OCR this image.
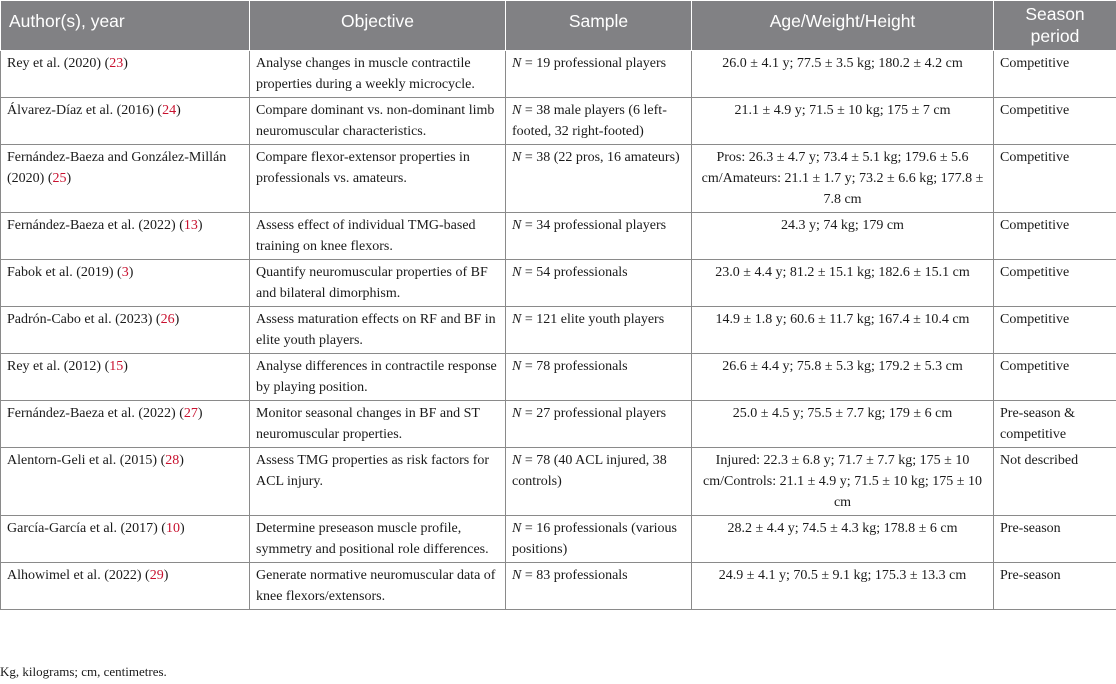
Author(s), year	Objective	Sample	Age/Weight/Height	Season period
Rey et al. (2020) (23)	Analyse changes in muscle contractile properties during a weekly microcycle.	N = 19 professional players	26.0 ± 4.1 y; 77.5 ± 3.5 kg; 180.2 ± 4.2 cm	Competitive
Álvarez-Díaz et al. (2016) (24)	Compare dominant vs. non-dominant limb neuromuscular characteristics.	N = 38 male players (6 left-footed, 32 right-footed)	21.1 ± 4.9 y; 71.5 ± 10 kg; 175 ± 7 cm	Competitive
Fernández-Baeza and González-Millán (2020) (25)	Compare flexor-extensor properties in professionals vs. amateurs.	N = 38 (22 pros, 16 amateurs)	Pros: 26.3 ± 4.7 y; 73.4 ± 5.1 kg; 179.6 ± 5.6 cm/Amateurs: 21.1 ± 1.7 y; 73.2 ± 6.6 kg; 177.8 ± 7.8 cm	Competitive
Fernández-Baeza et al. (2022) (13)	Assess effect of individual TMG-based training on knee flexors.	N = 34 professional players	24.3 y; 74 kg; 179 cm	Competitive
Fabok et al. (2019) (3)	Quantify neuromuscular properties of BF and bilateral dimorphism.	N = 54 professionals	23.0 ± 4.4 y; 81.2 ± 15.1 kg; 182.6 ± 15.1 cm	Competitive
Padrón-Cabo et al. (2023) (26)	Assess maturation effects on RF and BF in elite youth players.	N = 121 elite youth players	14.9 ± 1.8 y; 60.6 ± 11.7 kg; 167.4 ± 10.4 cm	Competitive
Rey et al. (2012) (15)	Analyse differences in contractile response by playing position.	N = 78 professionals	26.6 ± 4.4 y; 75.8 ± 5.3 kg; 179.2 ± 5.3 cm	Competitive
Fernández-Baeza et al. (2022) (27)	Monitor seasonal changes in BF and ST neuromuscular properties.	N = 27 professional players	25.0 ± 4.5 y; 75.5 ± 7.7 kg; 179 ± 6 cm	Pre-season & competitive
Alentorn-Geli et al. (2015) (28)	Assess TMG properties as risk factors for ACL injury.	N = 78 (40 ACL injured, 38 controls)	Injured: 22.3 ± 6.8 y; 71.7 ± 7.7 kg; 175 ± 10 cm/Controls: 21.1 ± 4.9 y; 71.5 ± 10 kg; 175 ± 10 cm	Not described
García-García et al. (2017) (10)	Determine preseason muscle profile, symmetry and positional role differences.	N = 16 professionals (various positions)	28.2 ± 4.4 y; 74.5 ± 4.3 kg; 178.8 ± 6 cm	Pre-season
Alhowimel et al. (2022) (29)	Generate normative neuromuscular data of knee flexors/extensors.	N = 83 professionals	24.9 ± 4.1 y; 70.5 ± 9.1 kg; 175.3 ± 13.3 cm	Pre-season
Kg, kilograms; cm, centimetres.
